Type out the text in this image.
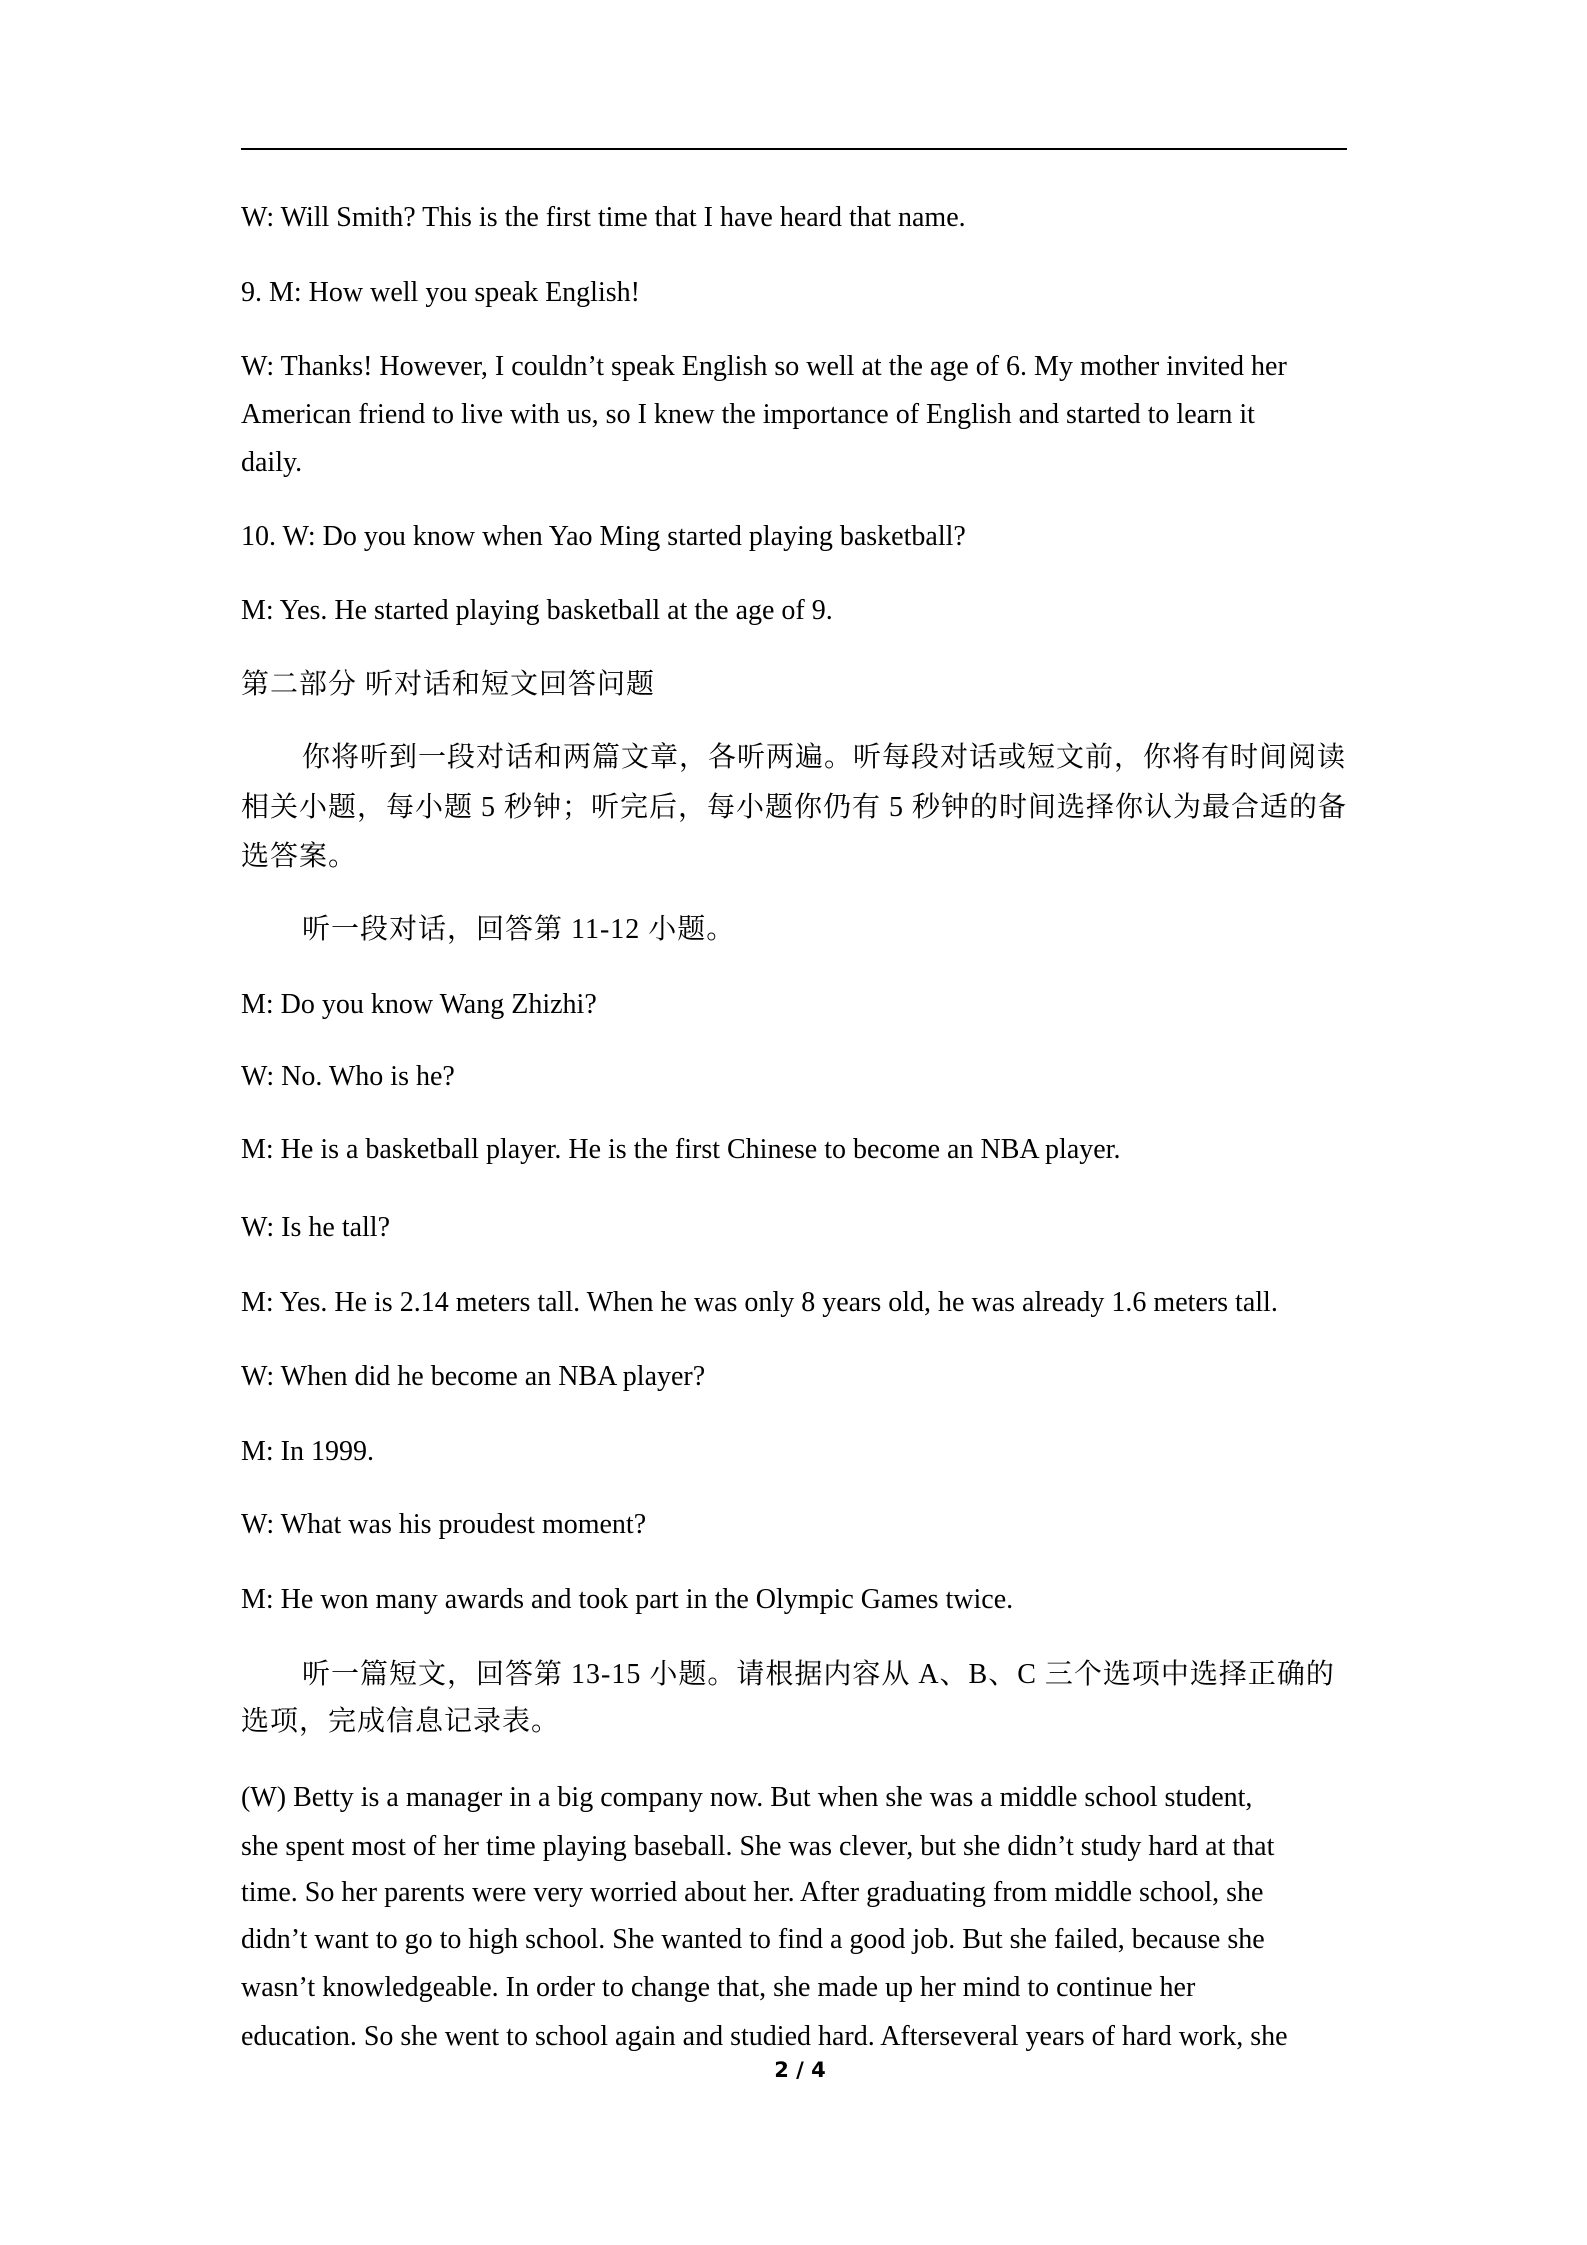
W: Will Smith? This is the first time that I have heard that name.
9. M: How well you speak English!
W: Thanks! However, I couldn’t speak English so well at the age of 6. My mother invited her
American friend to live with us, so I knew the importance of English and started to learn it
daily.
10. W: Do you know when Yao Ming started playing basketball?
M: Yes. He started playing basketball at the age of 9.
第二部分 听对话和短文回答问题
你将听到一段对话和两篇文章，各听两遍。听每段对话或短文前，你将有时间阅读
相关小题，每小题 5 秒钟；听完后，每小题你仍有 5 秒钟的时间选择你认为最合适的备
选答案。
听一段对话，回答第 11-12 小题。
M: Do you know Wang Zhizhi?
W: No. Who is he?
M: He is a basketball player. He is the first Chinese to become an NBA player.
W: Is he tall?
M: Yes. He is 2.14 meters tall. When he was only 8 years old, he was already 1.6 meters tall.
W: When did he become an NBA player?
M: In 1999.
W: What was his proudest moment?
M: He won many awards and took part in the Olympic Games twice.
听一篇短文，回答第 13-15 小题。请根据内容从 A、B、C 三个选项中选择正确的
选项，完成信息记录表。
(W) Betty is a manager in a big company now. But when she was a middle school student,
she spent most of her time playing baseball. She was clever, but she didn’t study hard at that
time. So her parents were very worried about her. After graduating from middle school, she
didn’t want to go to high school. She wanted to find a good job. But she failed, because she
wasn’t knowledgeable. In order to change that, she made up her mind to continue her
education. So she went to school again and studied hard. Afterseveral years of hard work, she
2 / 4
